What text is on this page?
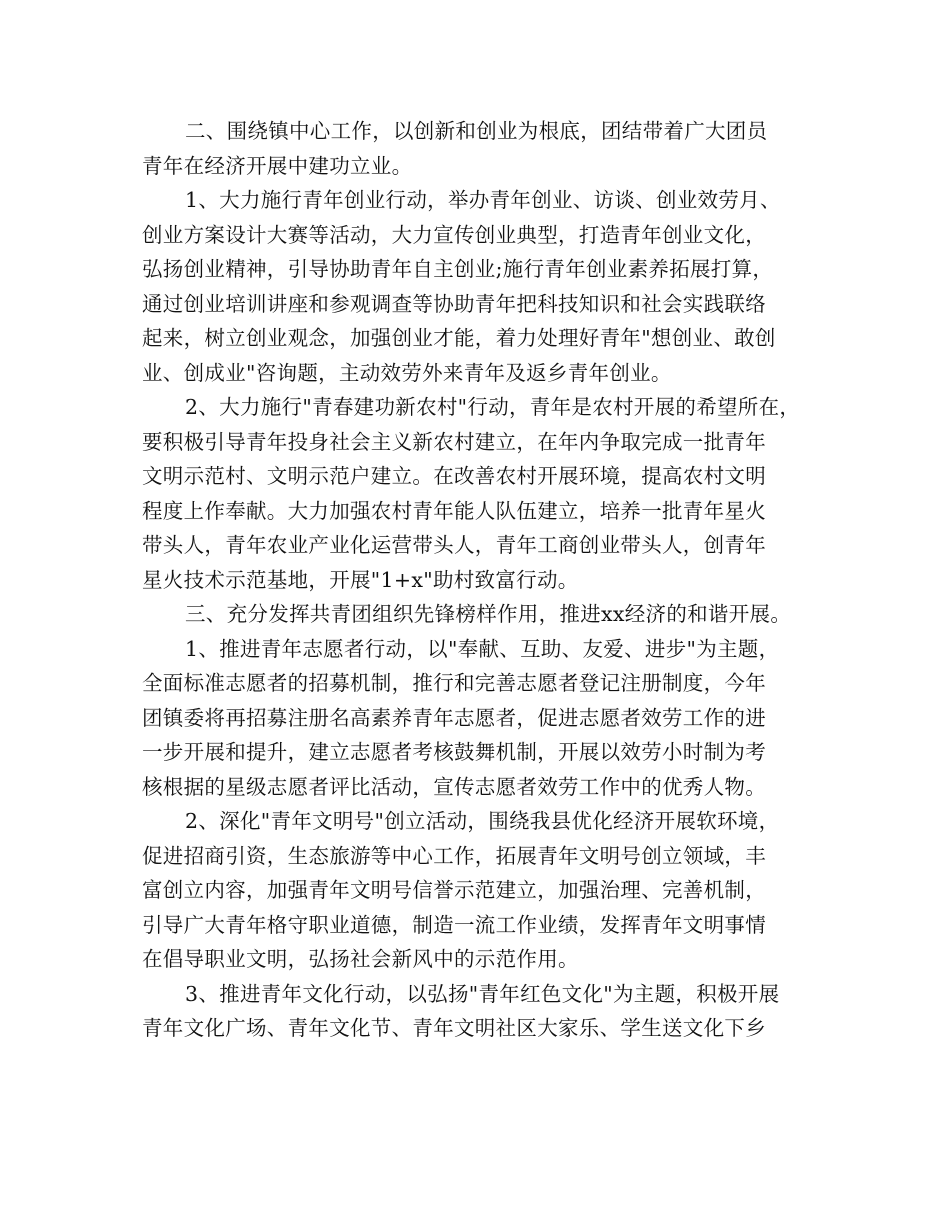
二、围绕镇中心工作，以创新和创业为根底，团结带着广大团员
青年在经济开展中建功立业。
1、大力施行青年创业行动，举办青年创业、访谈、创业效劳月、
创业方案设计大赛等活动，大力宣传创业典型，打造青年创业文化，
弘扬创业精神，引导协助青年自主创业;施行青年创业素养拓展打算，
通过创业培训讲座和参观调查等协助青年把科技知识和社会实践联络
起来，树立创业观念，加强创业才能，着力处理好青年"想创业、敢创
业、创成业"咨询题，主动效劳外来青年及返乡青年创业。
2、大力施行"青春建功新农村"行动，青年是农村开展的希望所在，
要积极引导青年投身社会主义新农村建立，在年内争取完成一批青年
文明示范村、文明示范户建立。在改善农村开展环境，提高农村文明
程度上作奉献。大力加强农村青年能人队伍建立，培养一批青年星火
带头人，青年农业产业化运营带头人，青年工商创业带头人，创青年
星火技术示范基地，开展"1+x"助村致富行动。
三、充分发挥共青团组织先锋榜样作用，推进xx经济的和谐开展。
1、推进青年志愿者行动，以"奉献、互助、友爱、进步"为主题，
全面标准志愿者的招募机制，推行和完善志愿者登记注册制度，今年
团镇委将再招募注册名高素养青年志愿者，促进志愿者效劳工作的进
一步开展和提升，建立志愿者考核鼓舞机制，开展以效劳小时制为考
核根据的星级志愿者评比活动，宣传志愿者效劳工作中的优秀人物。
2、深化"青年文明号"创立活动，围绕我县优化经济开展软环境，
促进招商引资，生态旅游等中心工作，拓展青年文明号创立领域，丰
富创立内容，加强青年文明号信誉示范建立，加强治理、完善机制，
引导广大青年格守职业道德，制造一流工作业绩，发挥青年文明事情
在倡导职业文明，弘扬社会新风中的示范作用。
3、推进青年文化行动，以弘扬"青年红色文化"为主题，积极开展
青年文化广场、青年文化节、青年文明社区大家乐、学生送文化下乡
